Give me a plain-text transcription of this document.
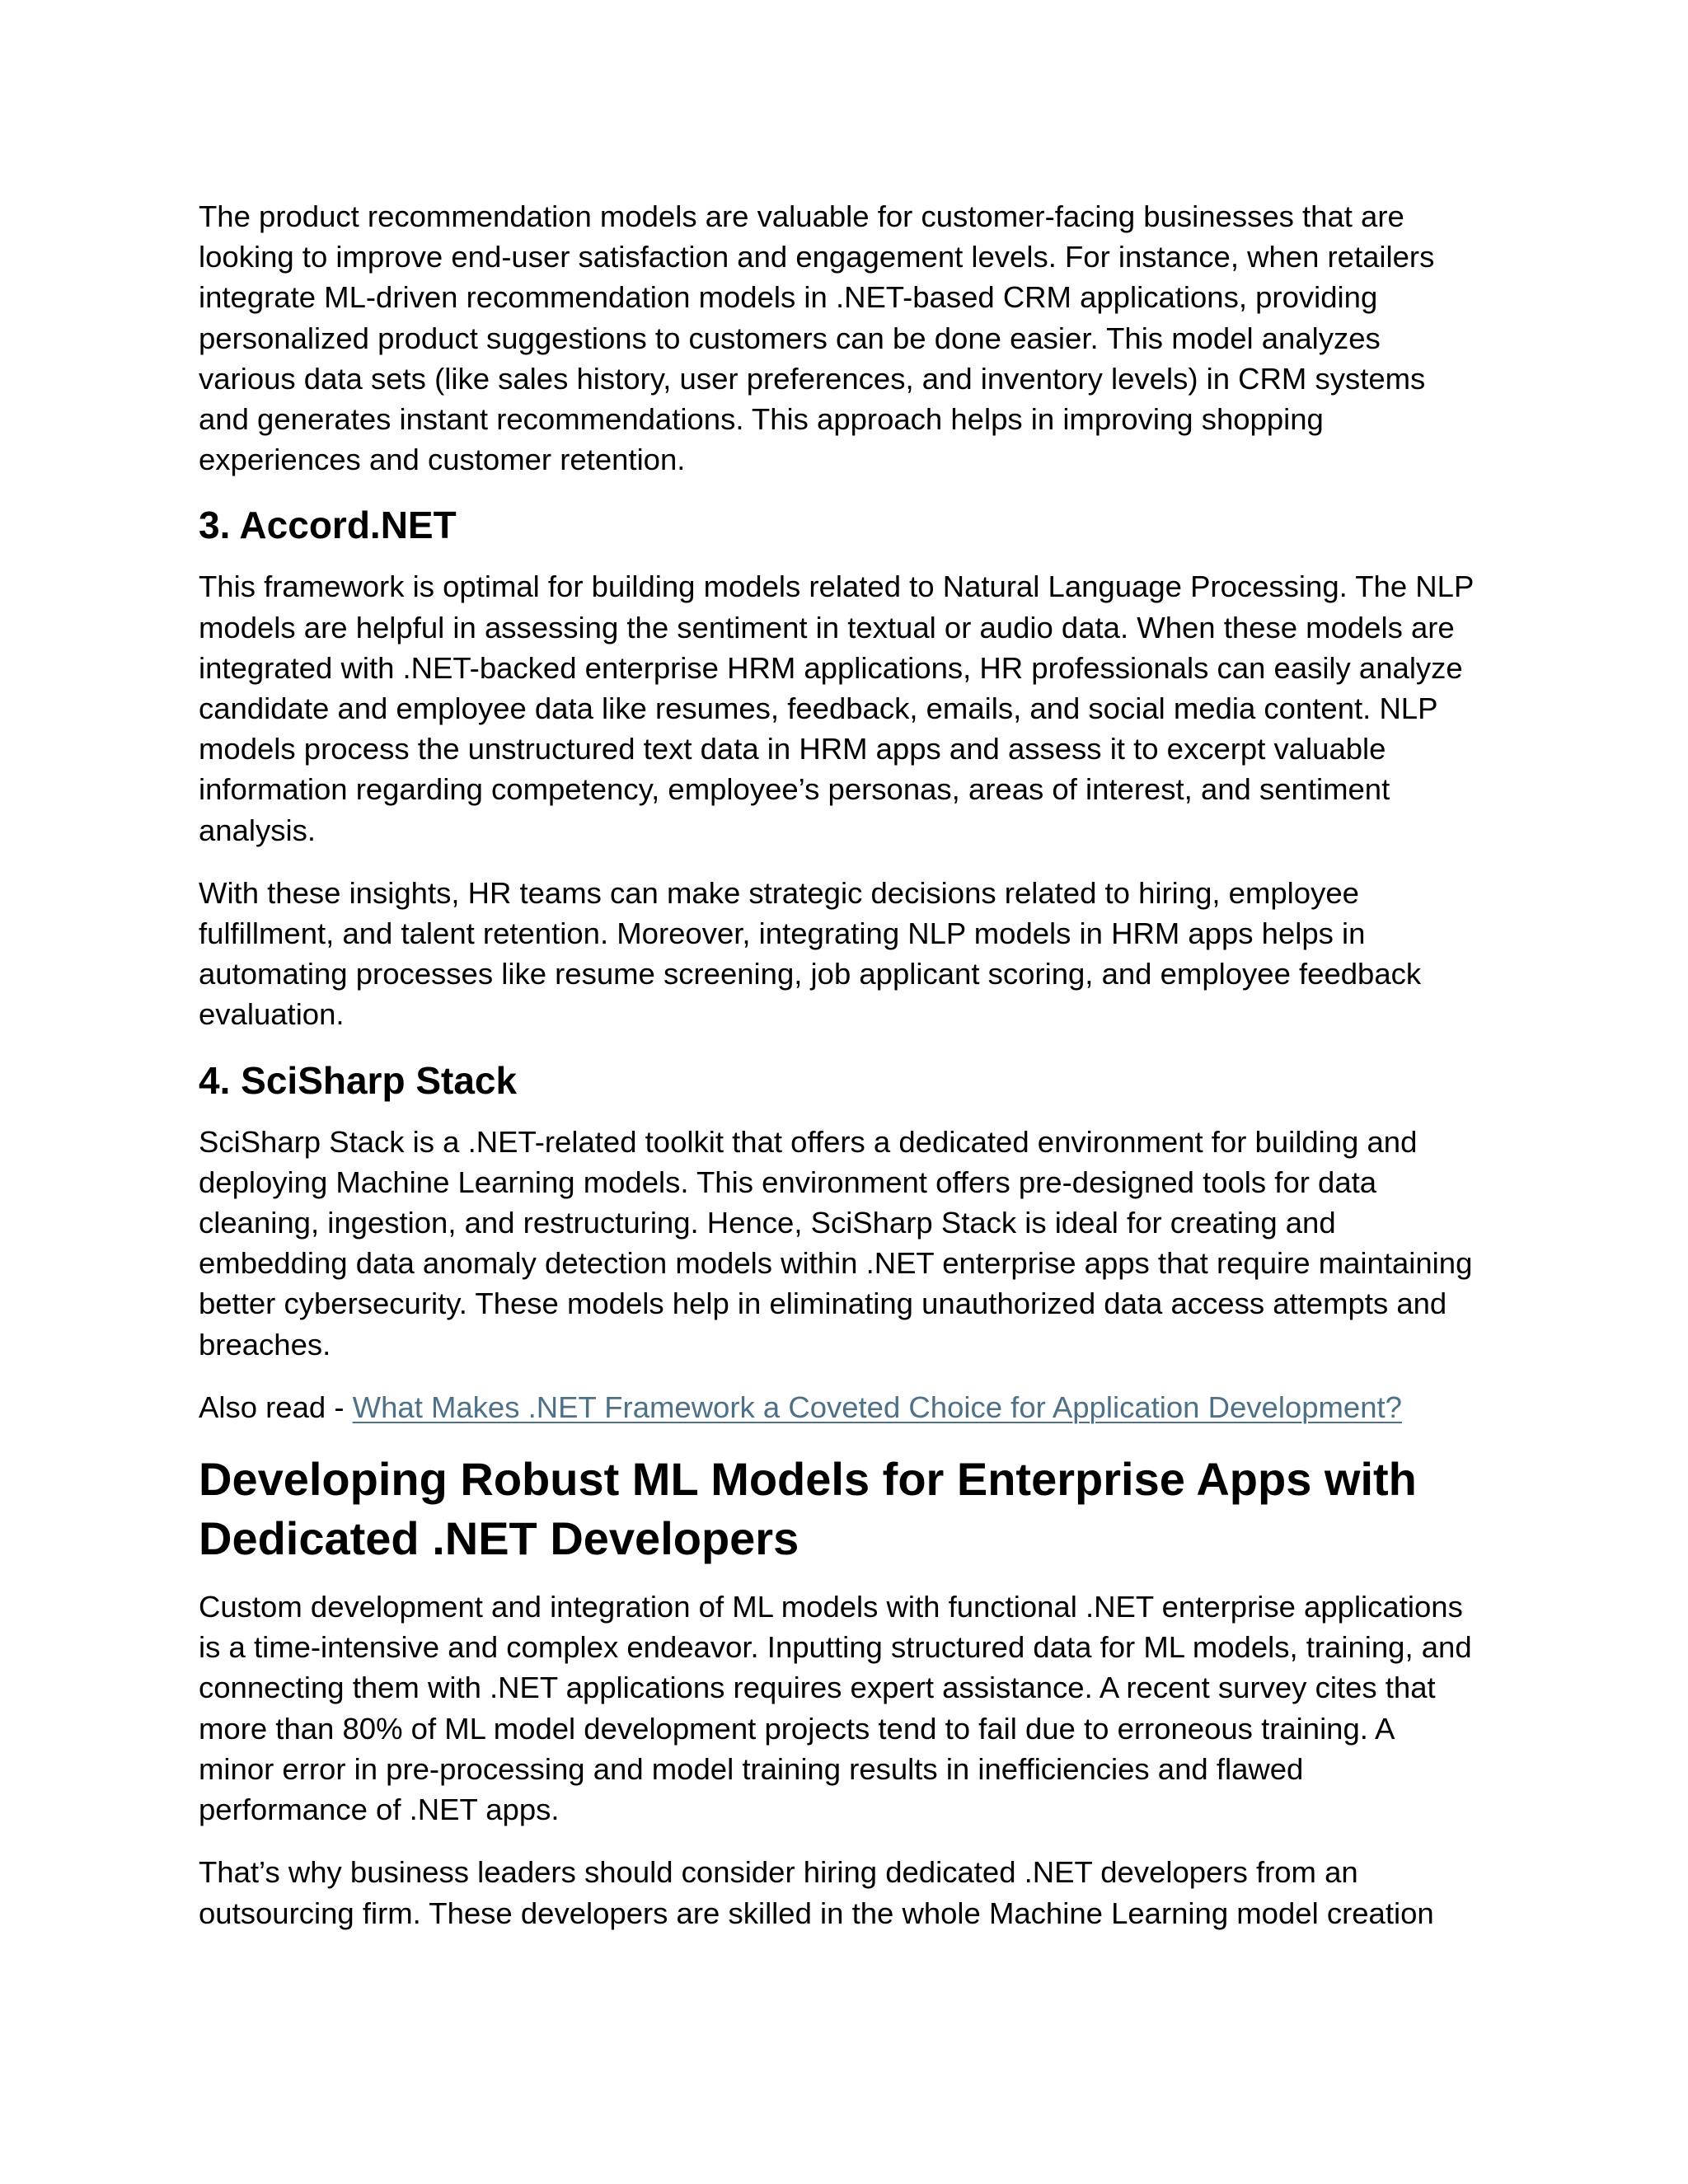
The product recommendation models are valuable for customer-facing businesses that are
looking to improve end-user satisfaction and engagement levels. For instance, when retailers
integrate ML-driven recommendation models in .NET-based CRM applications, providing
personalized product suggestions to customers can be done easier. This model analyzes
various data sets (like sales history, user preferences, and inventory levels) in CRM systems
and generates instant recommendations. This approach helps in improving shopping
experiences and customer retention.

3. Accord.NET

This framework is optimal for building models related to Natural Language Processing. The NLP
models are helpful in assessing the sentiment in textual or audio data. When these models are
integrated with .NET-backed enterprise HRM applications, HR professionals can easily analyze
candidate and employee data like resumes, feedback, emails, and social media content. NLP
models process the unstructured text data in HRM apps and assess it to excerpt valuable
information regarding competency, employee’s personas, areas of interest, and sentiment
analysis.

With these insights, HR teams can make strategic decisions related to hiring, employee
fulfillment, and talent retention. Moreover, integrating NLP models in HRM apps helps in
automating processes like resume screening, job applicant scoring, and employee feedback
evaluation.

4. SciSharp Stack

SciSharp Stack is a .NET-related toolkit that offers a dedicated environment for building and
deploying Machine Learning models. This environment offers pre-designed tools for data
cleaning, ingestion, and restructuring. Hence, SciSharp Stack is ideal for creating and
embedding data anomaly detection models within .NET enterprise apps that require maintaining
better cybersecurity. These models help in eliminating unauthorized data access attempts and
breaches.

Also read - What Makes .NET Framework a Coveted Choice for Application Development?

Developing Robust ML Models for Enterprise Apps with
Dedicated .NET Developers

Custom development and integration of ML models with functional .NET enterprise applications
is a time-intensive and complex endeavor. Inputting structured data for ML models, training, and
connecting them with .NET applications requires expert assistance. A recent survey cites that
more than 80% of ML model development projects tend to fail due to erroneous training. A
minor error in pre-processing and model training results in inefficiencies and flawed
performance of .NET apps.

That’s why business leaders should consider hiring dedicated .NET developers from an
outsourcing firm. These developers are skilled in the whole Machine Learning model creation
